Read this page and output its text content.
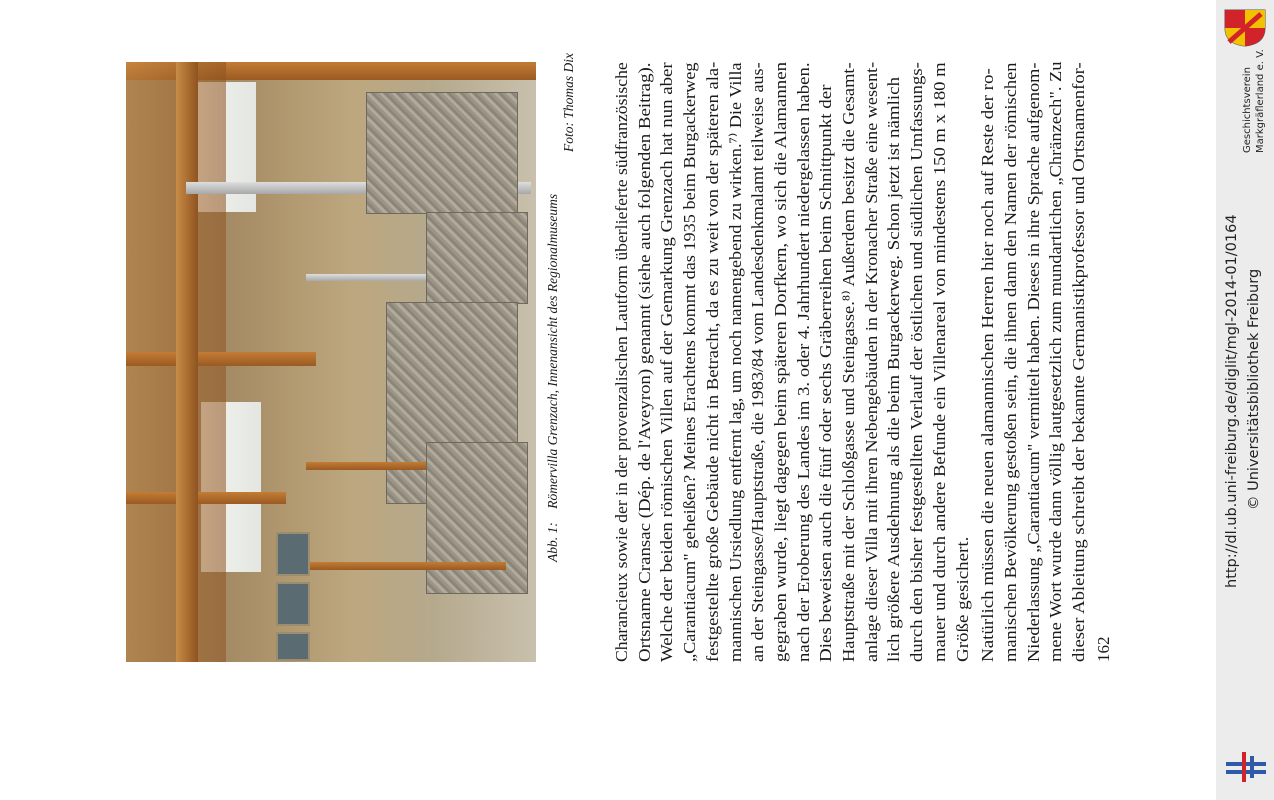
Abb. 1:    Römervilla Grenzach, Innenansicht des Regionalmuseums
Foto: Thomas Dix Charancieux sowie der in der provenzalischen Lautform überlieferte südfranzösische Ortsname Cransac (Dép. de l'Aveyron) genannt (siehe auch folgenden Beitrag). Welche der beiden römischen Villen auf der Gemarkung Grenzach hat nun aber „Carantiacum" geheißen? Meines Erachtens kommt das 1935 beim Burgackerweg festgestellte große Gebäude nicht in Betracht, da es zu weit von der späteren ala- mannischen Ursiedlung entfernt lag, um noch namengebend zu wirken.⁷⁾ Die Villa an der Steingasse/Hauptstraße, die 1983/84 vom Landesdenkmalamt teilweise aus- gegraben wurde, liegt dagegen beim späteren Dorfkern, wo sich die Alamannen nach der Eroberung des Landes im 3. oder 4. Jahrhundert niedergelassen haben. Dies beweisen auch die fünf oder sechs Gräberreihen beim Schnittpunkt der Hauptstraße mit der Schloßgasse und Steingasse.⁸⁾ Außerdem besitzt die Gesamt- anlage dieser Villa mit ihren Nebengebäuden in der Kronacher Straße eine wesent- lich größere Ausdehnung als die beim Burgackerweg. Schon jetzt ist nämlich durch den bisher festgestellten Verlauf der östlichen und südlichen Umfassungs- mauer und durch andere Befunde ein Villenareal von mindestens 150 m x 180 m Größe gesichert. Natürlich müssen die neuen alamannischen Herren hier noch auf Reste der ro- manischen Bevölkerung gestoßen sein, die ihnen dann den Namen der römischen Niederlassung „Carantiacum" vermittelt haben. Dieses in ihre Sprache aufgenom- mene Wort wurde dann völlig lautgesetzlich zum mundartlichen „Chränzech". Zu dieser Ableitung schreibt der bekannte Germanistikprofessor und Ortsnamenfor- 162
http://dl.ub.uni-freiburg.de/diglit/mgl-2014-01/0164 © Universitätsbibliothek Freiburg
Geschichtsverein Markgräflerland e. V.
